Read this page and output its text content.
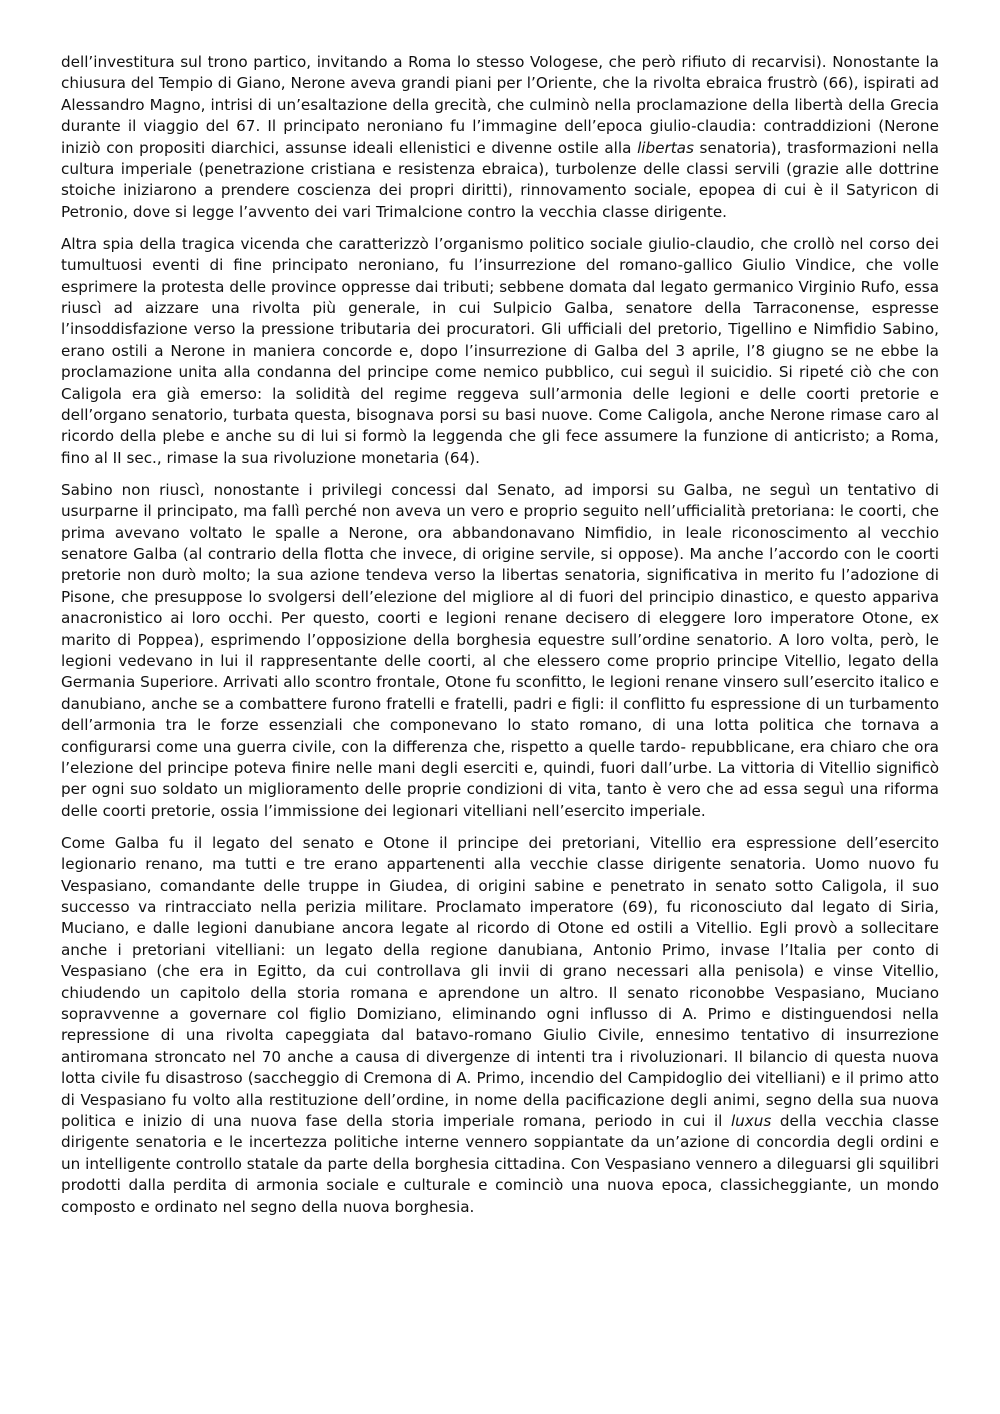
dell’investitura sul trono partico, invitando a Roma lo stesso Vologese, che però rifiuto di recarvisi). Nonostante la chiusura del Tempio di Giano, Nerone aveva grandi piani per l’Oriente, che la rivolta ebraica frustrò (66), ispirati ad Alessandro Magno, intrisi di un’esaltazione della grecità, che culminò nella proclamazione della libertà della Grecia durante il viaggio del 67. Il principato neroniano fu l’immagine dell’epoca giulio-claudia: contraddizioni (Nerone iniziò con propositi diarchici, assunse ideali ellenistici e divenne ostile alla libertas senatoria), trasformazioni nella cultura imperiale (penetrazione cristiana e resistenza ebraica), turbolenze delle classi servili (grazie alle dottrine stoiche iniziarono a prendere coscienza dei propri diritti), rinnovamento sociale, epopea di cui è il Satyricon di Petronio, dove si legge l’avvento dei vari Trimalcione contro la vecchia classe dirigente.

Altra spia della tragica vicenda che caratterizzò l’organismo politico sociale giulio-claudio, che crollò nel corso dei tumultuosi eventi di fine principato neroniano, fu l’insurrezione del romano-gallico Giulio Vindice, che volle esprimere la protesta delle province oppresse dai tributi; sebbene domata dal legato germanico Virginio Rufo, essa riuscì ad aizzare una rivolta più generale, in cui Sulpicio Galba, senatore della Tarraconense, espresse l’insoddisfazione verso la pressione tributaria dei procuratori. Gli ufficiali del pretorio, Tigellino e Nimfidio Sabino, erano ostili a Nerone in maniera concorde e, dopo l’insurrezione di Galba del 3 aprile, l’8 giugno se ne ebbe la proclamazione unita alla condanna del principe come nemico pubblico, cui seguì il suicidio. Si ripeté ciò che con Caligola era già emerso: la solidità del regime reggeva sull’armonia delle legioni e delle coorti pretorie e dell’organo senatorio, turbata questa, bisognava porsi su basi nuove. Come Caligola, anche Nerone rimase caro al ricordo della plebe e anche su di lui si formò la leggenda che gli fece assumere la funzione di anticristo; a Roma, fino al II sec., rimase la sua rivoluzione monetaria (64).

Sabino non riuscì, nonostante i privilegi concessi dal Senato, ad imporsi su Galba, ne seguì un tentativo di usurparne il principato, ma fallì perché non aveva un vero e proprio seguito nell’ufficialità pretoriana: le coorti, che prima avevano voltato le spalle a Nerone, ora abbandonavano Nimfidio, in leale riconoscimento al vecchio senatore Galba (al contrario della flotta che invece, di origine servile, si oppose). Ma anche l’accordo con le coorti pretorie non durò molto; la sua azione tendeva verso la libertas senatoria, significativa in merito fu l’adozione di Pisone, che presuppose lo svolgersi dell’elezione del migliore al di fuori del principio dinastico, e questo appariva anacronistico ai loro occhi. Per questo, coorti e legioni renane decisero di eleggere loro imperatore Otone, ex marito di Poppea), esprimendo l’opposizione della borghesia equestre sull’ordine senatorio. A loro volta, però, le legioni vedevano in lui il rappresentante delle coorti, al che elessero come proprio principe Vitellio, legato della Germania Superiore. Arrivati allo scontro frontale, Otone fu sconfitto, le legioni renane vinsero sull’esercito italico e danubiano, anche se a combattere furono fratelli e fratelli, padri e figli: il conflitto fu espressione di un turbamento dell’armonia tra le forze essenziali che componevano lo stato romano, di una lotta politica che tornava a configurarsi come una guerra civile, con la differenza che, rispetto a quelle tardo- repubblicane, era chiaro che ora l’elezione del principe poteva finire nelle mani degli eserciti e, quindi, fuori dall’urbe. La vittoria di Vitellio significò per ogni suo soldato un miglioramento delle proprie condizioni di vita, tanto è vero che ad essa seguì una riforma delle coorti pretorie, ossia l’immissione dei legionari vitelliani nell’esercito imperiale.

Come Galba fu il legato del senato e Otone il principe dei pretoriani, Vitellio era espressione dell’esercito legionario renano, ma tutti e tre erano appartenenti alla vecchie classe dirigente senatoria. Uomo nuovo fu Vespasiano, comandante delle truppe in Giudea, di origini sabine e penetrato in senato sotto Caligola, il suo successo va rintracciato nella perizia militare. Proclamato imperatore (69), fu riconosciuto dal legato di Siria, Muciano, e dalle legioni danubiane ancora legate al ricordo di Otone ed ostili a Vitellio. Egli provò a sollecitare anche i pretoriani vitelliani: un legato della regione danubiana, Antonio Primo, invase l’Italia per conto di Vespasiano (che era in Egitto, da cui controllava gli invii di grano necessari alla penisola) e vinse Vitellio, chiudendo un capitolo della storia romana e aprendone un altro. Il senato riconobbe Vespasiano, Muciano sopravvenne a governare col figlio Domiziano, eliminando ogni influsso di A. Primo e distinguendosi nella repressione di una rivolta capeggiata dal batavo-romano Giulio Civile, ennesimo tentativo di insurrezione antiromana stroncato nel 70 anche a causa di divergenze di intenti tra i rivoluzionari. Il bilancio di questa nuova lotta civile fu disastroso (saccheggio di Cremona di A. Primo, incendio del Campidoglio dei vitelliani) e il primo atto di Vespasiano fu volto alla restituzione dell’ordine, in nome della pacificazione degli animi, segno della sua nuova politica e inizio di una nuova fase della storia imperiale romana, periodo in cui il luxus della vecchia classe dirigente senatoria e le incertezza politiche interne vennero soppiantate da un’azione di concordia degli ordini e un intelligente controllo statale da parte della borghesia cittadina. Con Vespasiano vennero a dileguarsi gli squilibri prodotti dalla perdita di armonia sociale e culturale e cominciò una nuova epoca, classicheggiante, un mondo composto e ordinato nel segno della nuova borghesia.
